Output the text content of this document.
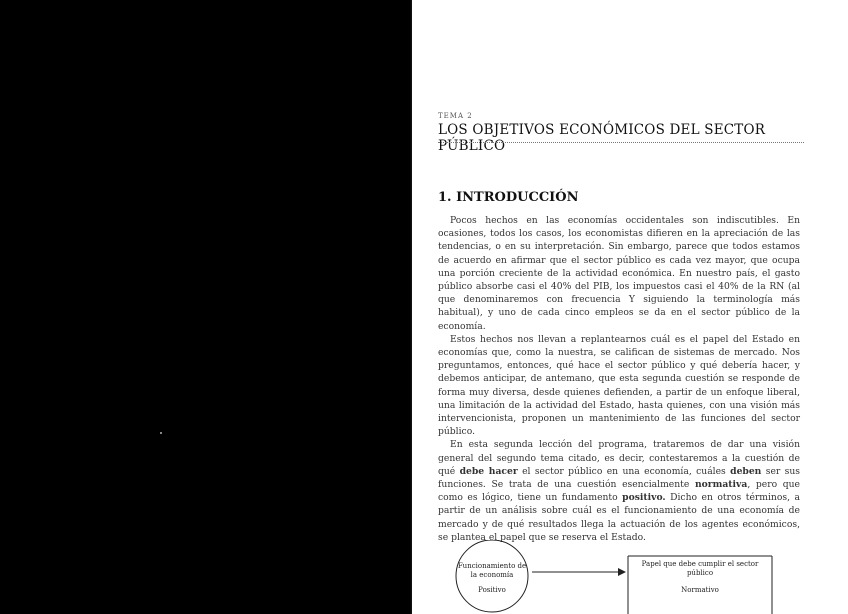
TEMA 2
LOS OBJETIVOS ECONÓMICOS DEL SECTOR PÚBLICO
1. INTRODUCCIÓN

Pocos hechos en las economías occidentales son indiscutibles. En ocasiones, todos los casos, los economistas difieren en la apreciación de las tendencias, o en su interpretación. Sin embargo, parece que todos estamos de acuerdo en afirmar que el sector público es cada vez mayor, que ocupa una porción creciente de la actividad económica. En nuestro país, el gasto público absorbe casi el 40% del PIB, los impuestos casi el 40% de la RN (al que denominaremos con frecuencia Y siguiendo la terminología más habitual), y uno de cada cinco empleos se da en el sector público de la economía.

Estos hechos nos llevan a replantearnos cuál es el papel del Estado en economías que, como la nuestra, se califican de sistemas de mercado. Nos preguntamos, entonces, qué hace el sector público y qué debería hacer, y debemos anticipar, de antemano, que esta segunda cuestión se responde de forma muy diversa, desde quienes defienden, a partir de un enfoque liberal, una limitación de la actividad del Estado, hasta quienes, con una visión más intervencionista, proponen un mantenimiento de las funciones del sector público.

En esta segunda lección del programa, trataremos de dar una visión general del segundo tema citado, es decir, contestaremos a la cuestión de qué debe hacer el sector público en una economía, cuáles deben ser sus funciones. Se trata de una cuestión esencialmente normativa, pero que como es lógico, tiene un fundamento positivo. Dicho en otros términos, a partir de un análisis sobre cuál es el funcionamiento de una economía de mercado y de qué resultados llega la actuación de los agentes económicos, se plantea el papel que se reserva el Estado.

Funcionamiento de la economía
Positivo
Papel que debe cumplir el sector público
Normativo
